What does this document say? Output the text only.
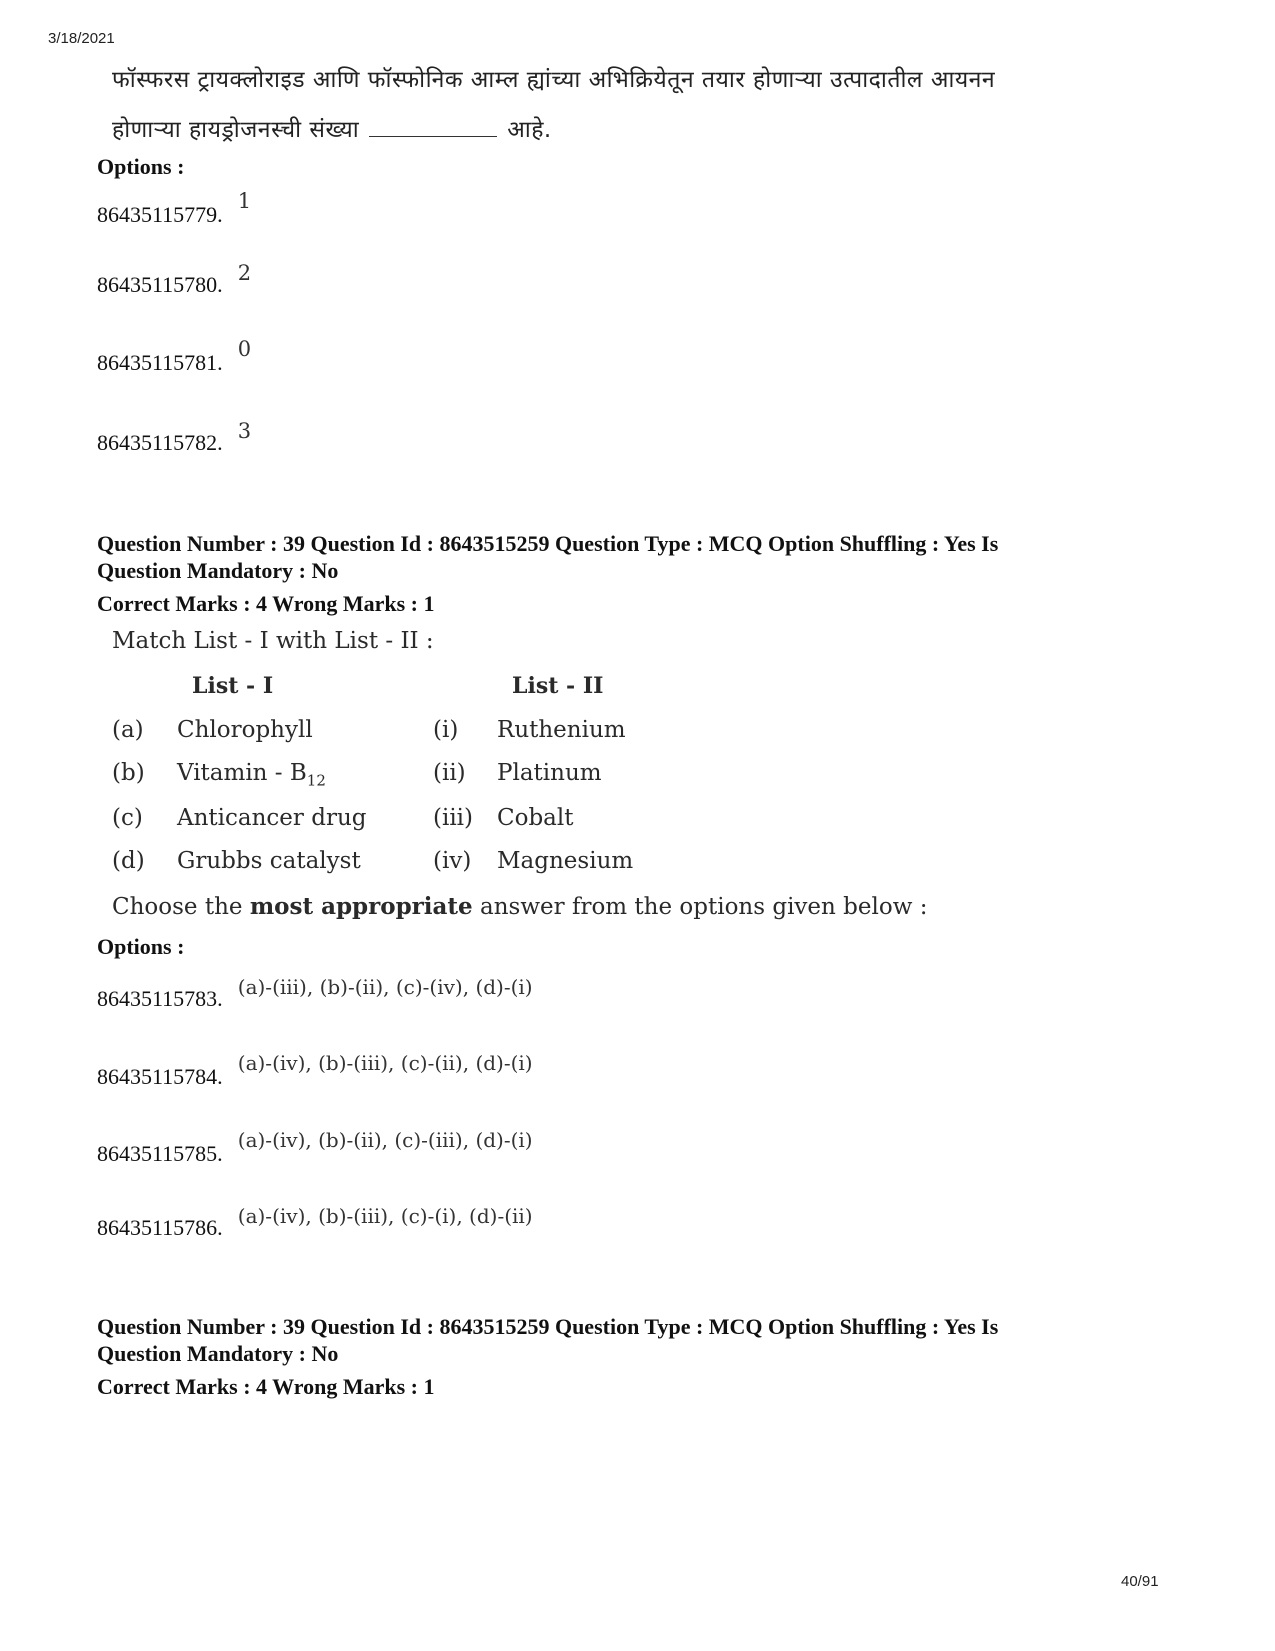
3/18/2021
फॉस्फरस ट्रायक्लोराइड आणि फॉस्फोनिक आम्ल ह्यांच्या अभिक्रियेतून तयार होणाऱ्या उत्पादातील आयनन
होणाऱ्या हायड्रोजनस्ची संख्या	आहे.
Options :
86435115779. 1
86435115780. 2
86435115781. 0
86435115782. 3
Question Number : 39 Question Id : 8643515259 Question Type : MCQ Option Shuffling : Yes Is
Question Mandatory : No
Correct Marks : 4 Wrong Marks : 1
Match List - I with List - II :
List - I	List - II
(a) Chlorophyll	(i) Ruthenium
(b) Vitamin - $B_{12}$	(ii) Platinum
(c) Anticancer drug	(iii) Cobalt
(d) Grubbs catalyst	(iv) Magnesium
Choose the most appropriate answer from the options given below :
Options :
86435115783. (a)-(iii), (b)-(ii), (c)-(iv), (d)-(i)
86435115784. (a)-(iv), (b)-(iii), (c)-(ii), (d)-(i)
86435115785. (a)-(iv), (b)-(ii), (c)-(iii), (d)-(i)
86435115786. (a)-(iv), (b)-(iii), (c)-(i), (d)-(ii)
Question Number : 39 Question Id : 8643515259 Question Type : MCQ Option Shuffling : Yes Is
Question Mandatory : No
Correct Marks : 4 Wrong Marks : 1
40/91
